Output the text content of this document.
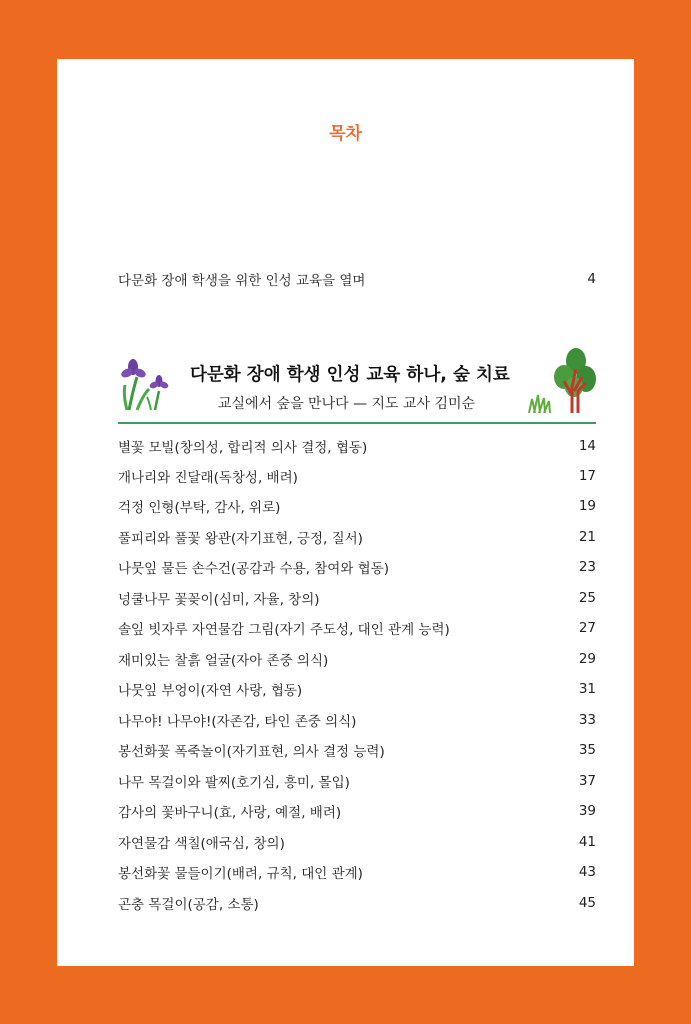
목차
다문화 장애 학생을 위한 인성 교육을 열며	4
다문화 장애 학생 인성 교육 하나, 숲 치료
교실에서 숲을 만나다 — 지도 교사 김미순
별꽃 모빌(창의성, 합리적 의사 결정, 협동)	14
개나리와 진달래(독창성, 배려)	17
걱정 인형(부탁, 감사, 위로)	19
풀피리와 풀꽃 왕관(자기표현, 긍정, 질서)	21
나뭇잎 물든 손수건(공감과 수용, 참여와 협동)	23
넝쿨나무 꽃꽂이(심미, 자율, 창의)	25
솔잎 빗자루 자연물감 그림(자기 주도성, 대인 관계 능력)	27
재미있는 찰흙 얼굴(자아 존중 의식)	29
나뭇잎 부엉이(자연 사랑, 협동)	31
나무야! 나무야!(자존감, 타인 존중 의식)	33
봉선화꽃 폭죽놀이(자기표현, 의사 결정 능력)	35
나무 목걸이와 팔찌(호기심, 흥미, 몰입)	37
감사의 꽃바구니(효, 사랑, 예절, 배려)	39
자연물감 색칠(애국심, 창의)	41
봉선화꽃 물들이기(배려, 규칙, 대인 관계)	43
곤충 목걸이(공감, 소통)	45
